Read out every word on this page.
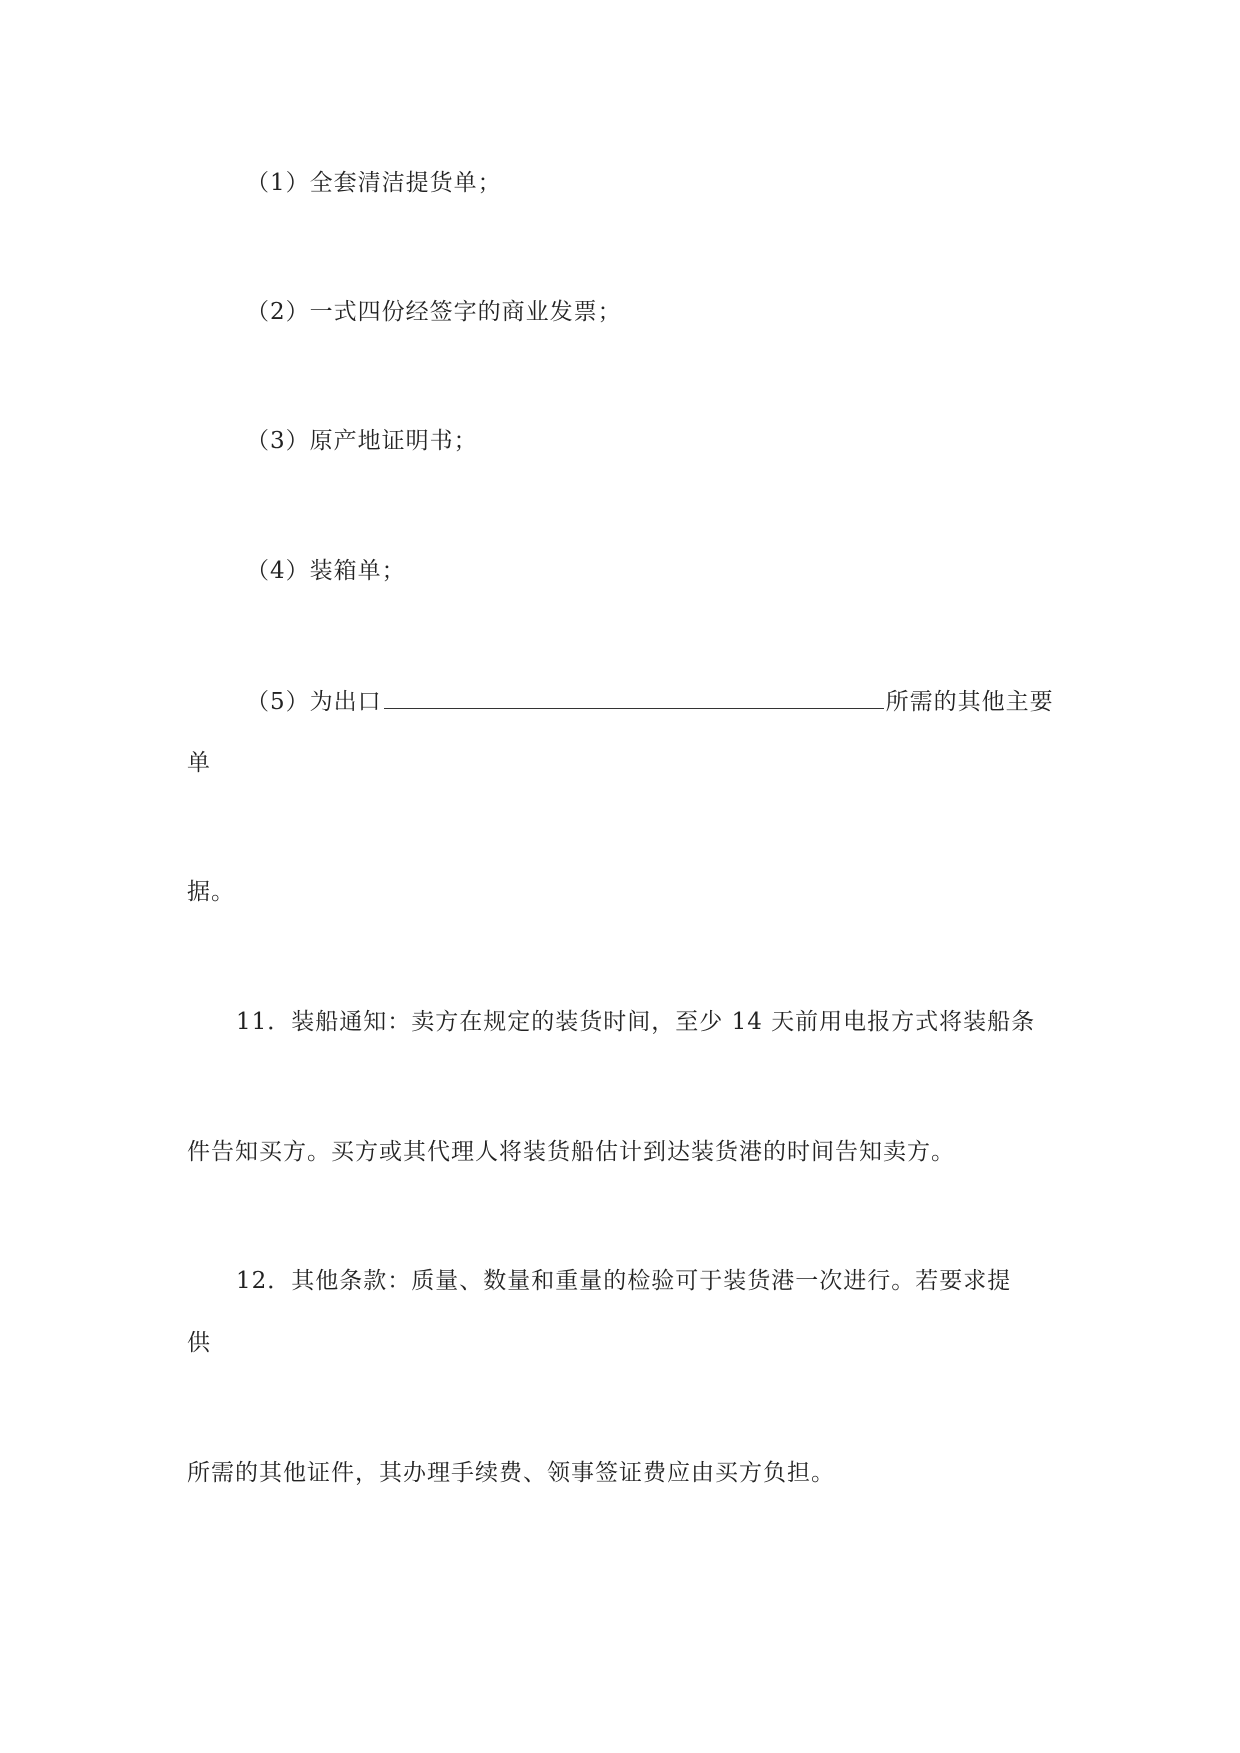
（1）全套清洁提货单；

（2）一式四份经签字的商业发票；

（3）原产地证明书；

（4）装箱单；

（5）为出口	所需的其他主要

单

据。

11．装船通知：卖方在规定的装货时间，至少 14 天前用电报方式将装船条

件告知买方。买方或其代理人将装货船估计到达装货港的时间告知卖方。

12．其他条款：质量、数量和重量的检验可于装货港一次进行。若要求提

供

所需的其他证件，其办理手续费、领事签证费应由买方负担。
